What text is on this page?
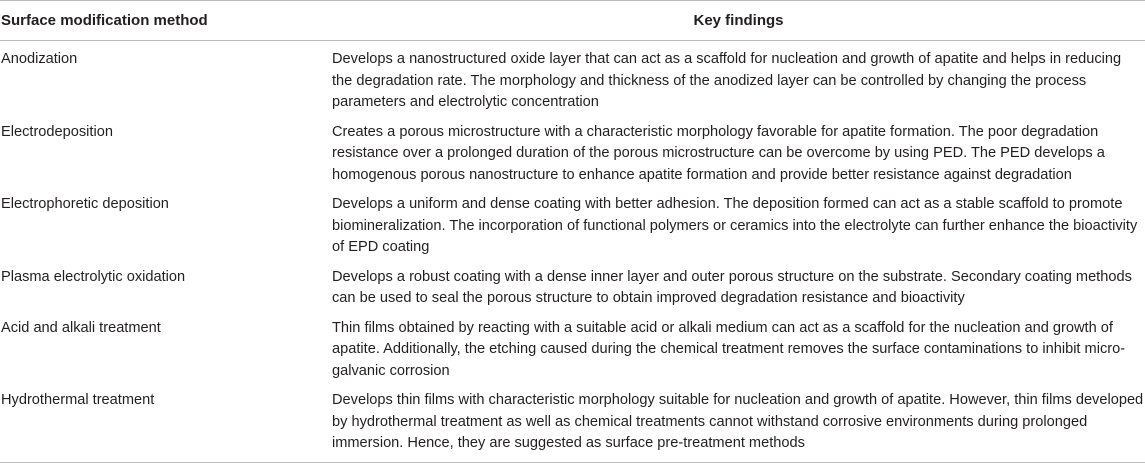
Surface modification method	Key findings
Anodization	Develops a nanostructured oxide layer that can act as a scaffold for nucleation and growth of apatite and helps in reducing the degradation rate. The morphology and thickness of the anodized layer can be controlled by changing the process parameters and electrolytic concentration
Electrodeposition	Creates a porous microstructure with a characteristic morphology favorable for apatite formation. The poor degradation resistance over a prolonged duration of the porous microstructure can be overcome by using PED. The PED develops a homogenous porous nanostructure to enhance apatite formation and provide better resistance against degradation
Electrophoretic deposition	Develops a uniform and dense coating with better adhesion. The deposition formed can act as a stable scaffold to promote biomineralization. The incorporation of functional polymers or ceramics into the electrolyte can further enhance the bioactivity of EPD coating
Plasma electrolytic oxidation	Develops a robust coating with a dense inner layer and outer porous structure on the substrate. Secondary coating methods can be used to seal the porous structure to obtain improved degradation resistance and bioactivity
Acid and alkali treatment	Thin films obtained by reacting with a suitable acid or alkali medium can act as a scaffold for the nucleation and growth of apatite. Additionally, the etching caused during the chemical treatment removes the surface contaminations to inhibit micro-galvanic corrosion
Hydrothermal treatment	Develops thin films with characteristic morphology suitable for nucleation and growth of apatite. However, thin films developed by hydrothermal treatment as well as chemical treatments cannot withstand corrosive environments during prolonged immersion. Hence, they are suggested as surface pre-treatment methods
